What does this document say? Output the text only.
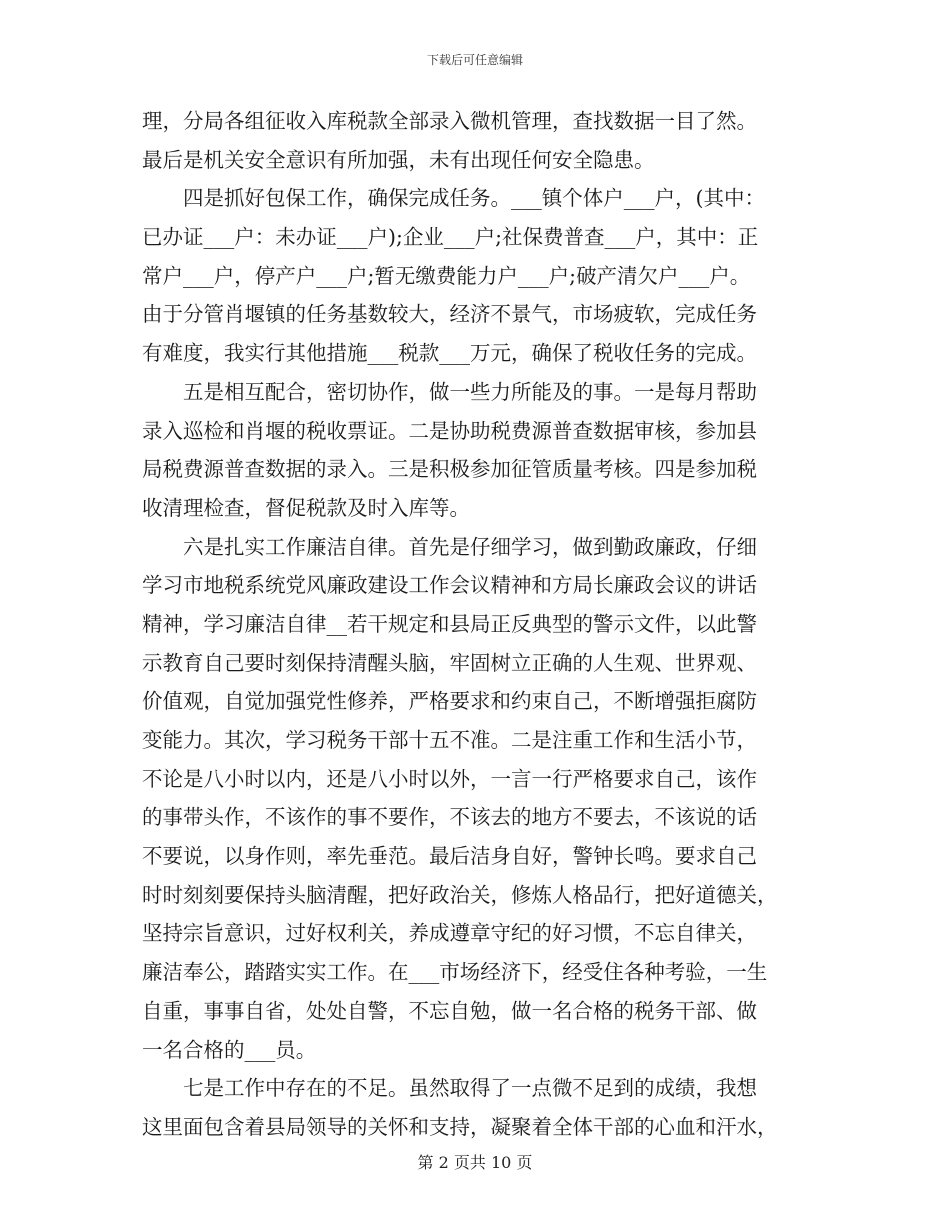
下载后可任意编辑
理，分局各组征收入库税款全部录入微机管理，查找数据一目了然。
最后是机关安全意识有所加强，未有出现任何安全隐患。
四是抓好包保工作，确保完成任务。___镇个体户___户，(其中：
已办证___户：未办证___户);企业___户;社保费普查___户，其中：正
常户___户，停产户___户;暂无缴费能力户___户;破产清欠户___户。
由于分管肖堰镇的任务基数较大，经济不景气，市场疲软，完成任务
有难度，我实行其他措施___税款___万元，确保了税收任务的完成。
五是相互配合，密切协作，做一些力所能及的事。一是每月帮助
录入巡检和肖堰的税收票证。二是协助税费源普查数据审核，参加县
局税费源普查数据的录入。三是积极参加征管质量考核。四是参加税
收清理检查，督促税款及时入库等。
六是扎实工作廉洁自律。首先是仔细学习，做到勤政廉政，仔细
学习市地税系统党风廉政建设工作会议精神和方局长廉政会议的讲话
精神，学习廉洁自律__若干规定和县局正反典型的警示文件，以此警
示教育自己要时刻保持清醒头脑，牢固树立正确的人生观、世界观、
价值观，自觉加强党性修养，严格要求和约束自己，不断增强拒腐防
变能力。其次，学习税务干部十五不准。二是注重工作和生活小节，
不论是八小时以内，还是八小时以外，一言一行严格要求自己，该作
的事带头作，不该作的事不要作，不该去的地方不要去，不该说的话
不要说，以身作则，率先垂范。最后洁身自好，警钟长鸣。要求自己
时时刻刻要保持头脑清醒，把好政治关，修炼人格品行，把好道德关，
坚持宗旨意识，过好权利关，养成遵章守纪的好习惯，不忘自律关，
廉洁奉公，踏踏实实工作。在___市场经济下，经受住各种考验，一生
自重，事事自省，处处自警，不忘自勉，做一名合格的税务干部、做
一名合格的___员。
七是工作中存在的不足。虽然取得了一点微不足到的成绩，我想
这里面包含着县局领导的关怀和支持，凝聚着全体干部的心血和汗水，
第 2 页共 10 页
